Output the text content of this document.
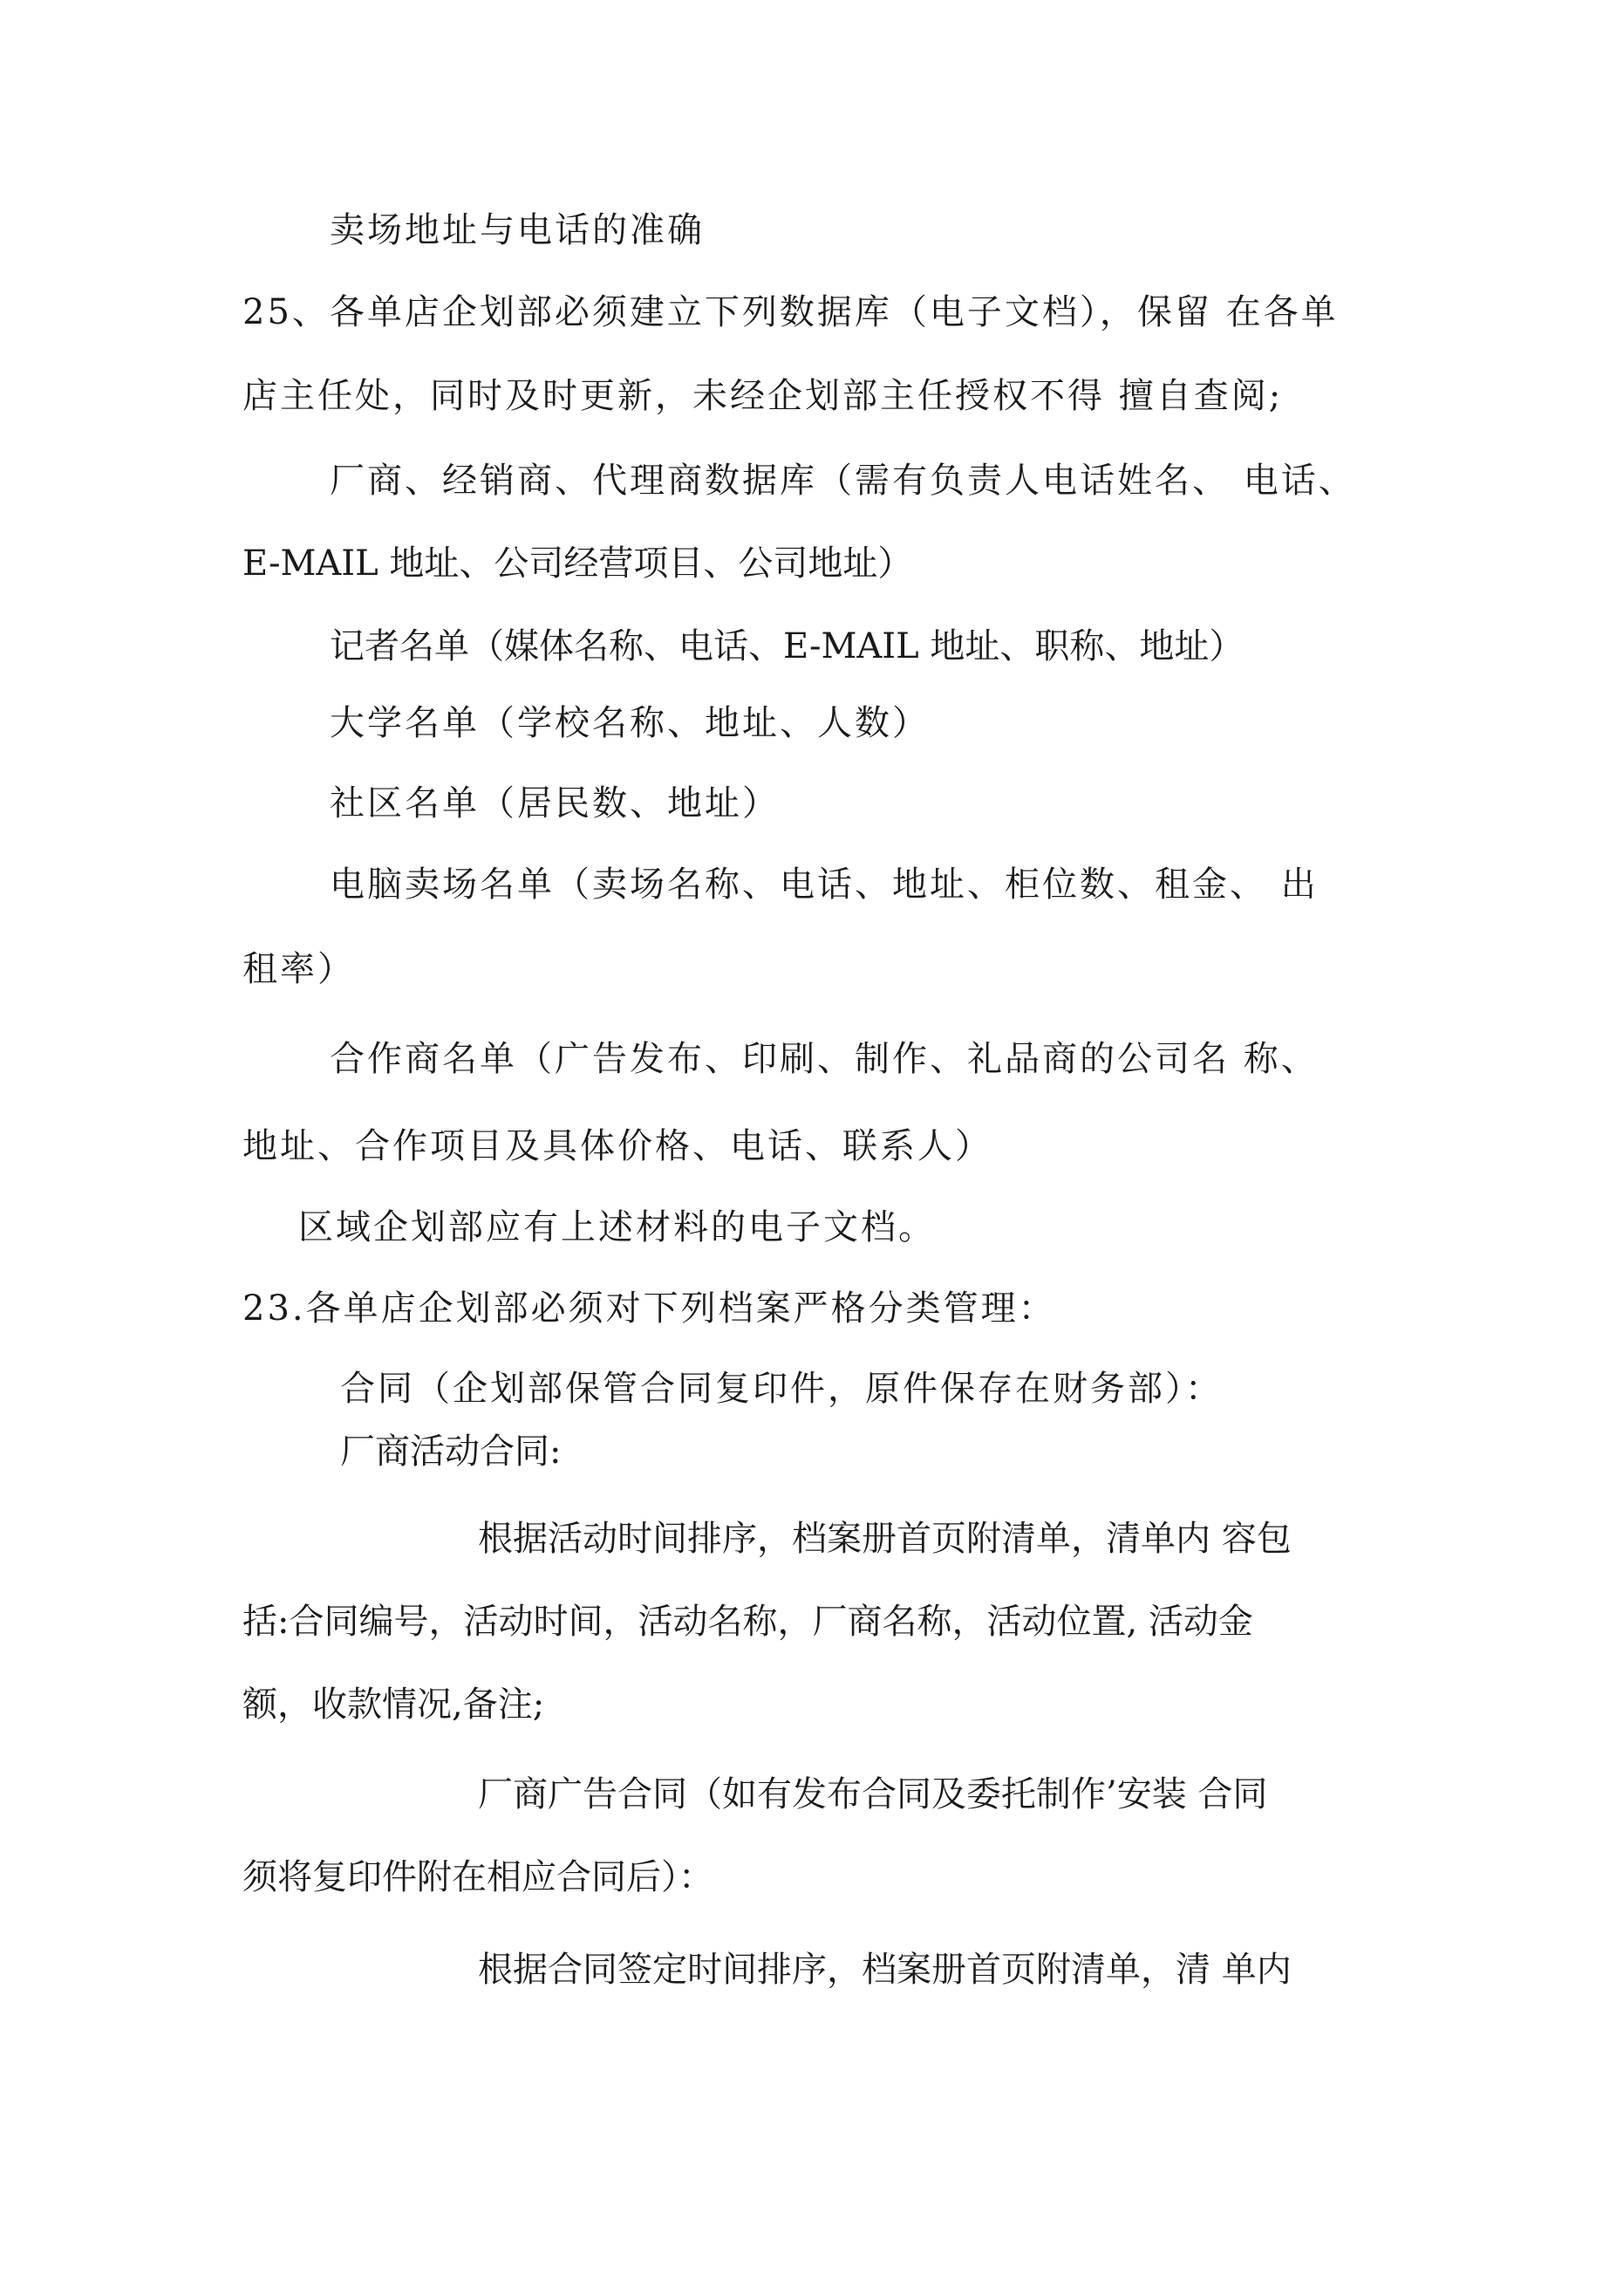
卖场地址与电话的准确
25、各单店企划部必须建立下列数据库（电子文档），保留 在各单
店主任处，同时及时更新，未经企划部主任授权不得 擅自查阅;
厂商、经销商、代理商数据库（需有负责人电话姓名、 电话、
E-MAIL 地址、公司经营项目、公司地址）
记者名单（媒体名称、电话、E-MAIL 地址、职称、地址）
大学名单（学校名称、地址、人数）
社区名单（居民数、地址）
电脑卖场名单（卖场名称、电话、地址、柜位数、租金、 出
租率）
合作商名单（广告发布、印刷、制作、礼品商的公司名 称、
地址、合作项目及具体价格、电话、联系人）
区域企划部应有上述材料的电子文档。
23.各单店企划部必须对下列档案严格分类管理：
合同（企划部保管合同复印件，原件保存在财务部）：
厂商活动合同:
根据活动时间排序，档案册首页附清单，清单内 容包
括:合同编号，活动时间，活动名称，厂商名称，活动位置, 活动金
额，收款情况,备注;
厂商广告合同（如有发布合同及委托制作’安装 合同
须将复印件附在相应合同后）：
根据合同签定时间排序，档案册首页附清单，清 单内
